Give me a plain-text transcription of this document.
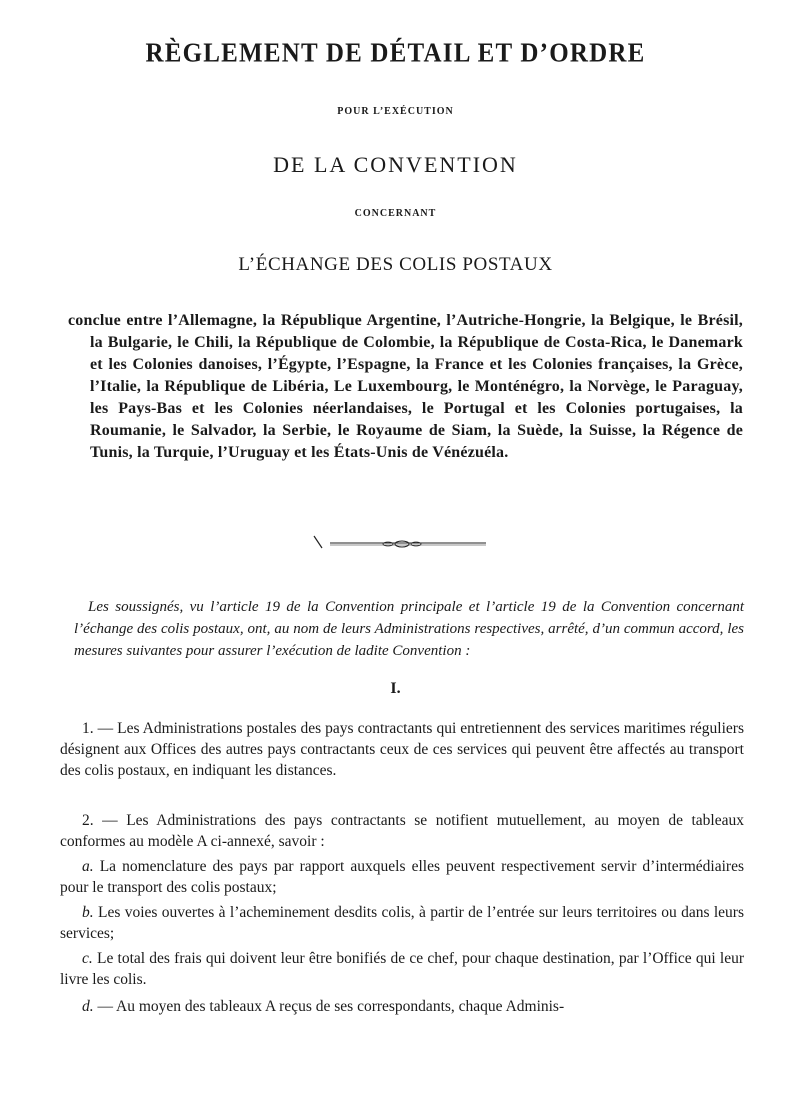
RÈGLEMENT DE DÉTAIL ET D’ORDRE
POUR L’EXÉCUTION
DE LA CONVENTION
CONCERNANT
L’ÉCHANGE DES COLIS POSTAUX
conclue entre l’Allemagne, la République Argentine, l’Autriche-Hongrie, la Belgique, le Brésil, la Bulgarie, le Chili, la République de Colombie, la République de Costa-Rica, le Danemark et les Colonies danoises, l’Égypte, l’Espagne, la France et les Colonies françaises, la Grèce, l’Italie, la République de Libéria, Le Luxembourg, le Monténégro, la Norvège, le Paraguay, les Pays-Bas et les Colonies néerlandaises, le Portugal et les Colonies portugaises, la Roumanie, le Salvador, la Serbie, le Royaume de Siam, la Suède, la Suisse, la Régence de Tunis, la Turquie, l’Uruguay et les États-Unis de Vénézuéla.
Les soussignés, vu l’article 19 de la Convention principale et l’article 19 de la Convention concernant l’échange des colis postaux, ont, au nom de leurs Administrations respectives, arrêté, d’un commun accord, les mesures suivantes pour assurer l’exécution de ladite Convention :
I.
1. — Les Administrations postales des pays contractants qui entretiennent des services maritimes réguliers désignent aux Offices des autres pays contractants ceux de ces services qui peuvent être affectés au transport des colis postaux, en indiquant les distances.
2. — Les Administrations des pays contractants se notifient mutuellement, au moyen de tableaux conformes au modèle A ci-annexé, savoir :
a. La nomenclature des pays par rapport auxquels elles peuvent respectivement servir d’intermédiaires pour le transport des colis postaux;
b. Les voies ouvertes à l’acheminement desdits colis, à partir de l’entrée sur leurs territoires ou dans leurs services;
c. Le total des frais qui doivent leur être bonifiés de ce chef, pour chaque destination, par l’Office qui leur livre les colis.
d. — Au moyen des tableaux A reçus de ses correspondants, chaque Adminis-
